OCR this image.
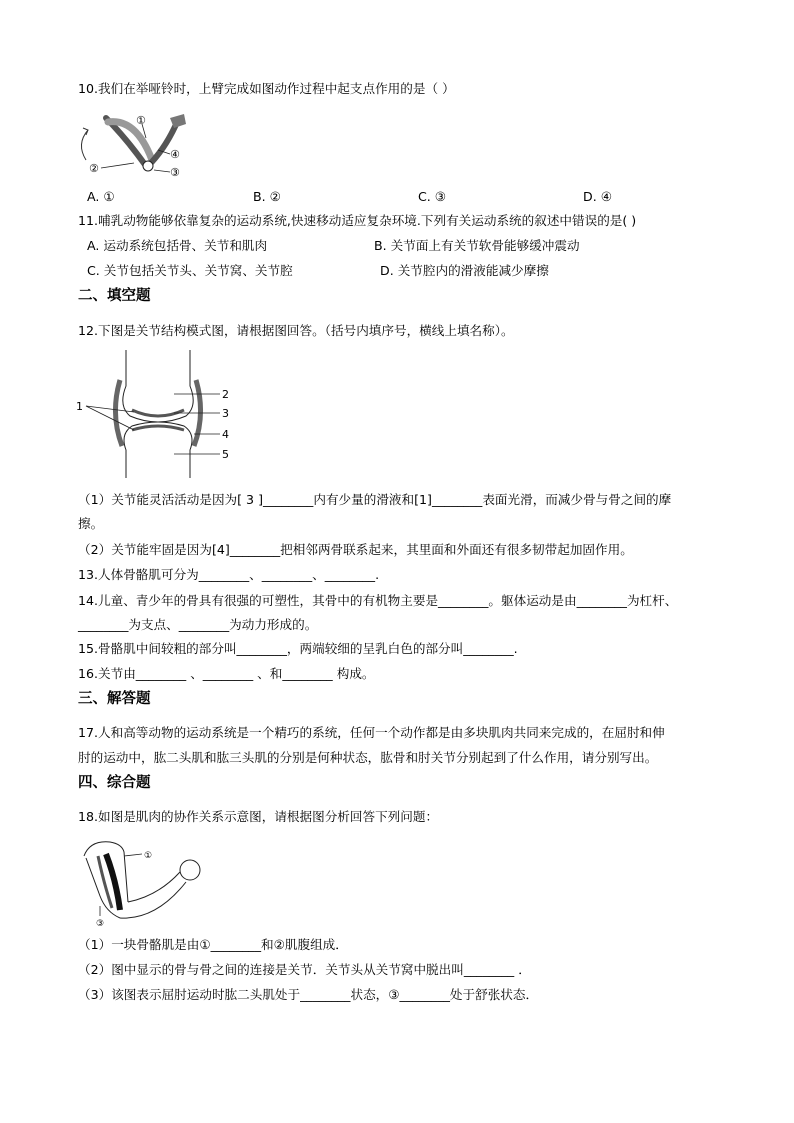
10.我们在举哑铃时，上臂完成如图动作过程中起支点作用的是（ ）
①
②	③
④
A. ①	B. ②	C. ③	D. ④
11.哺乳动物能够依靠复杂的运动系统,快速移动适应复杂环境.下列有关运动系统的叙述中错误的是( )
A. 运动系统包括骨、关节和肌肉	B. 关节面上有关节软骨能够缓冲震动
C. 关节包括关节头、关节窝、关节腔	D. 关节腔内的滑液能减少摩擦
二、填空题
12.下图是关节结构模式图，请根据图回答。（括号内填序号，横线上填名称）。
1
2
3
4
5
（1）关节能灵活活动是因为[ 3 ]________内有少量的滑液和[1]________表面光滑，而减少骨与骨之间的摩
擦。
（2）关节能牢固是因为[4]________把相邻两骨联系起来，其里面和外面还有很多韧带起加固作用。
13.人体骨骼肌可分为________、________、________.
14.儿童、青少年的骨具有很强的可塑性，其骨中的有机物主要是________。躯体运动是由________为杠杆、
________为支点、________为动力形成的。
15.骨骼肌中间较粗的部分叫________，两端较细的呈乳白色的部分叫________.
16.关节由________ 、________ 、和________ 构成。
三、解答题
17.人和高等动物的运动系统是一个精巧的系统，任何一个动作都是由多块肌肉共同来完成的，在屈肘和伸
肘的运动中，肱二头肌和肱三头肌的分别是何种状态，肱骨和肘关节分别起到了什么作用，请分别写出。
四、综合题
18.如图是肌肉的协作关系示意图，请根据图分析回答下列问题：
①
③
（1）一块骨骼肌是由①________和②肌腹组成．
（2）图中显示的骨与骨之间的连接是关节．关节头从关节窝中脱出叫________ ．
（3）该图表示屈肘运动时肱二头肌处于________状态，③________处于舒张状态．
